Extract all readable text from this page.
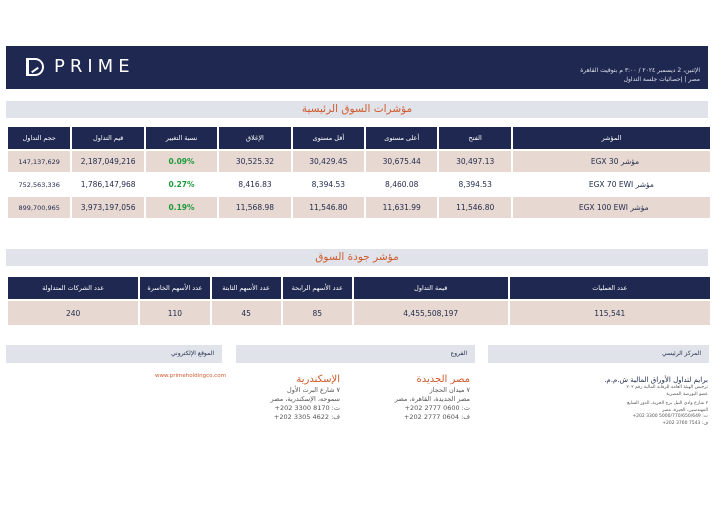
PRIME	الإثنين، 2 ديسمبر ٢٠٢٤ / ٣:٠٠ م بتوقيت القاهرة
مصر | إحصائيات جلسة التداول
مؤشرات السوق الرئيسية
المؤشر	الفتح	أعلى مستوى	أقل مستوى	الإغلاق	نسبة التغيير	قيم التداول	حجم التداول
مؤشر EGX 30	30,497.13	30,675.44	30,429.45	30,525.32	0.09%	2,187,049,216	147,137,629
مؤشر EGX 70 EWI	8,394.53	8,460.08	8,394.53	8,416.83	0.27%	1,786,147,968	752,563,336
مؤشر EGX 100 EWI	11,546.80	11,631.99	11,546.80	11,568.98	0.19%	3,973,197,056	899,700,965
مؤشر جودة السوق
عدد العمليات	قيمة التداول	عدد الأسهم الرابحة	عدد الأسهم الثابتة	عدد الأسهم الخاسرة	عدد الشركات المتداولة
115,541	4,455,508,197	85	45	110	240
المركز الرئيسي
الفروع
الموقع الإلكتروني
برايم لتداول الأوراق المالية ش.م.م.
ترخيص الهيئة العامة للرقابة المالية رقم ٢٠٢
عضو البورصة المصرية
٢ شارع وادي النيل برج الحرية، الدور السابع
المهندسين، الجيزة، مصر
ت: 5000/770/650/649 3300 202+
ف: 7543 3760 202+
مصر الجديدة
٧ ميدان الحجاز
مصر الجديدة، القاهرة، مصر
ت: 0600 2777 202+
ف: 0604 2777 202+
الإسكندرية
٧ شارع البرت الأول
سموحه، الإسكندرية، مصر
ت: 8170 3300 202+
ف: 4622 3305 202+
www.primeholdingco.com
